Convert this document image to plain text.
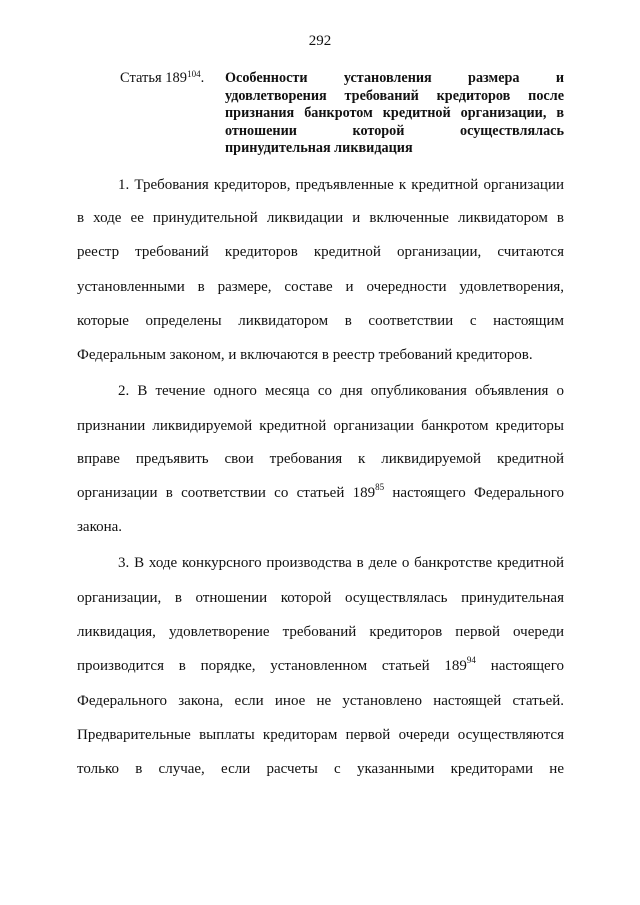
292
Статья $189^{104}$. Особенности установления размера и удовлетворения требований кредиторов после признания банкротом кредитной организации, в отношении которой осуществлялась принудительная ликвидация
1. Требования кредиторов, предъявленные к кредитной организации
в ходе ее принудительной ликвидации и включенные ликвидатором в
реестр требований кредиторов кредитной организации, считаются
установленными в размере, составе и очередности удовлетворения,
которые определены ликвидатором в соответствии с настоящим
Федеральным законом, и включаются в реестр требований кредиторов.
2. В течение одного месяца со дня опубликования объявления о
признании ликвидируемой кредитной организации банкротом кредиторы
вправе предъявить свои требования к ликвидируемой кредитной
организации в соответствии со статьей $189^{85}$ настоящего Федерального
закона.
3. В ходе конкурсного производства в деле о банкротстве кредитной
организации, в отношении которой осуществлялась принудительная
ликвидация, удовлетворение требований кредиторов первой очереди
производится в порядке, установленном статьей $189^{94}$ настоящего
Федерального закона, если иное не установлено настоящей статьей.
Предварительные выплаты кредиторам первой очереди осуществляются
только в случае, если расчеты с указанными кредиторами не
